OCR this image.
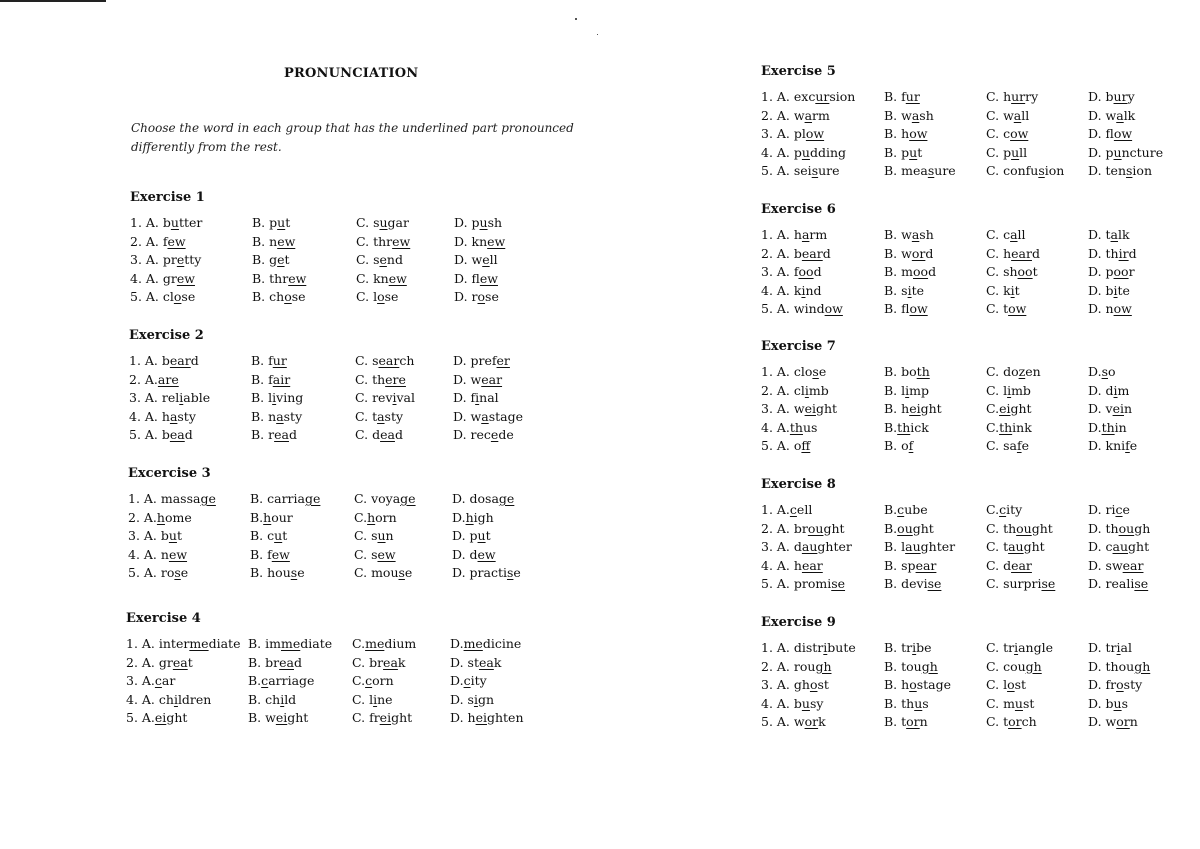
PRONUNCIATION
Choose the word in each group that has the underlined part pronounced differently from the rest.
Exercise 1
1. A. butter	B. put	C. sugar	D. push
2. A. few	B. new	C. threw	D. knew
3. A. pretty	B. get	C. send	D. well
4. A. grew	B. threw	C. knew	D. flew
5. A. close	B. chose	C. lose	D. rose
Exercise 2
1. A. beard	B. fur	C. search	D. prefer
2. A.are	B. fair	C. there	D. wear
3. A. reliable	B. living	C. revival	D. final
4. A. hasty	B. nasty	C. tasty	D. wastage
5. A. bead	B. read	C. dead	D. recede
Excercise 3
1. A. massage	B. carriage	C. voyage	D. dosage
2. A.home	B.hour	C.horn	D.high
3. A. but	B. cut	C. sun	D. put
4. A. new	B. few	C. sew	D. dew
5. A. rose	B. house	C. mouse	D. practise
Exercise 4
1. A. intermediate B. immediate	C.medium	D.medicine
2. A. great	B. bread	C. break	D. steak
3. A.car	B.carriage	C.corn	D.city
4. A. children	B. child	C. line	D. sign
5. A.eight	B. weight	C. freight	D. heighten
Exercise 5
1. A. excursion	B. fur	C. hurry	D. bury
2. A. warm	B. wash	C. wall	D. walk
3. A. plow	B. how	C. cow	D. flow
4. A. pudding	B. put	C. pull	D. puncture
5. A. seisure	B. measure	C. confusion	D. tension
Exercise 6
1. A. harm	B. wash	C. call	D. talk
2. A. beard	B. word	C. heard	D. third
3. A. food	B. mood	C. shoot	D. poor
4. A. kind	B. site	C. kit	D. bite
5. A. window	B. flow	C. tow	D. now
Exercise 7
1. A. close	B. both	C. dozen	D.so
2. A. climb	B. limp	C. limb	D. dim
3. A. weight	B. height	C.eight	D. vein
4. A.thus	B.thick	C.think	D.thin
5. A. off	B. of	C. safe	D. knife
Exercise 8
1. A.cell	B.cube	C.city	D. rice
2. A. brought	B.ought	C. thought	D. though
3. A. daughter	B. laughter	C. taught	D. caught
4. A. hear	B. spear	C. dear	D. swear
5. A. promise	B. devise	C. surprise	D. realise
Exercise 9
1. A. distribute	B. tribe	C. triangle	D. trial
2. A. rough	B. tough	C. cough	D. though
3. A. ghost	B. hostage	C. lost	D. frosty
4. A. busy	B. thus	C. must	D. bus
5. A. work	B. torn	C. torch	D. worn
